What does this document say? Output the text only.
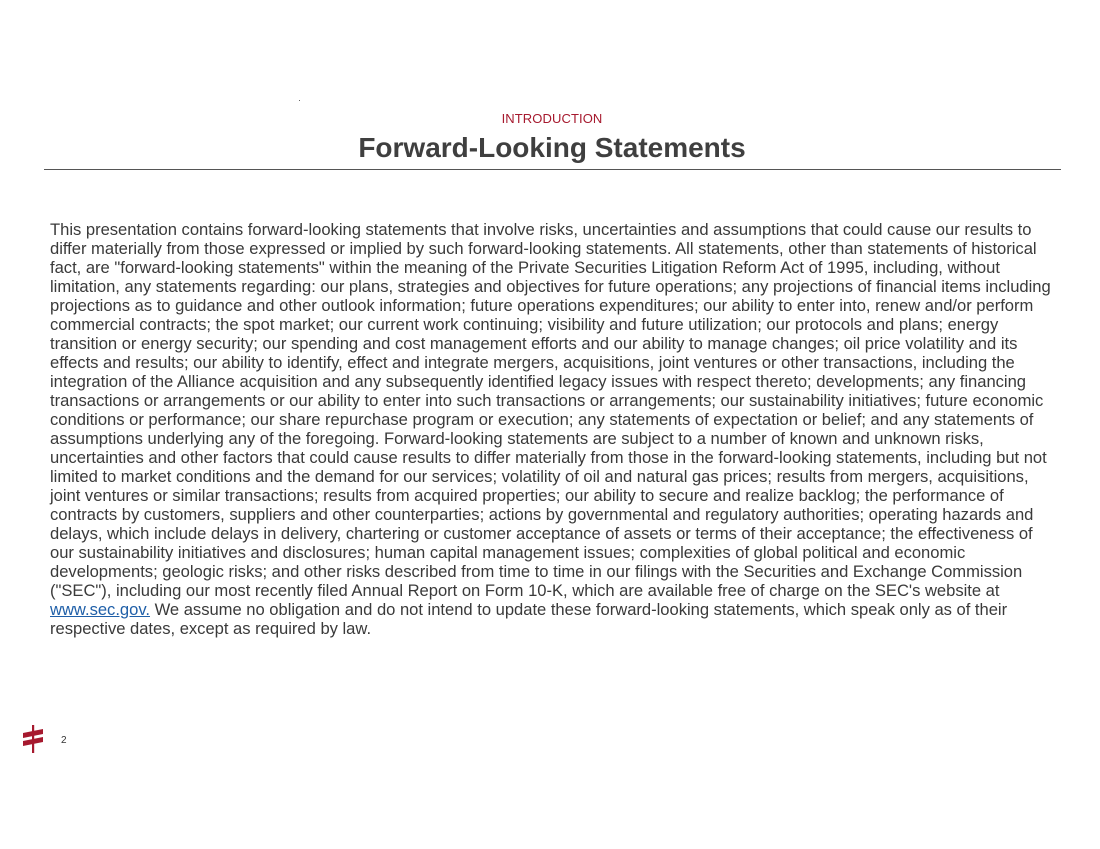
INTRODUCTION
Forward-Looking Statements

This presentation contains forward-looking statements that involve risks, uncertainties and assumptions that could cause our results to differ materially from those expressed or implied by such forward-looking statements. All statements, other than statements of historical fact, are "forward-looking statements" within the meaning of the Private Securities Litigation Reform Act of 1995, including, without limitation, any statements regarding: our plans, strategies and objectives for future operations; any projections of financial items including projections as to guidance and other outlook information; future operations expenditures; our ability to enter into, renew and/or perform commercial contracts; the spot market; our current work continuing; visibility and future utilization; our protocols and plans; energy transition or energy security; our spending and cost management efforts and our ability to manage changes; oil price volatility and its effects and results; our ability to identify, effect and integrate mergers, acquisitions, joint ventures or other transactions, including the integration of the Alliance acquisition and any subsequently identified legacy issues with respect thereto; developments; any financing transactions or arrangements or our ability to enter into such transactions or arrangements; our sustainability initiatives; future economic conditions or performance; our share repurchase program or execution; any statements of expectation or belief; and any statements of assumptions underlying any of the foregoing. Forward-looking statements are subject to a number of known and unknown risks, uncertainties and other factors that could cause results to differ materially from those in the forward-looking statements, including but not limited to market conditions and the demand for our services; volatility of oil and natural gas prices; results from mergers, acquisitions, joint ventures or similar transactions; results from acquired properties; our ability to secure and realize backlog; the performance of contracts by customers, suppliers and other counterparties; actions by governmental and regulatory authorities; operating hazards and delays, which include delays in delivery, chartering or customer acceptance of assets or terms of their acceptance; the effectiveness of our sustainability initiatives and disclosures; human capital management issues; complexities of global political and economic developments; geologic risks; and other risks described from time to time in our filings with the Securities and Exchange Commission ("SEC"), including our most recently filed Annual Report on Form 10-K, which are available free of charge on the SEC's website at www.sec.gov. We assume no obligation and do not intend to update these forward-looking statements, which speak only as of their respective dates, except as required by law.

2
